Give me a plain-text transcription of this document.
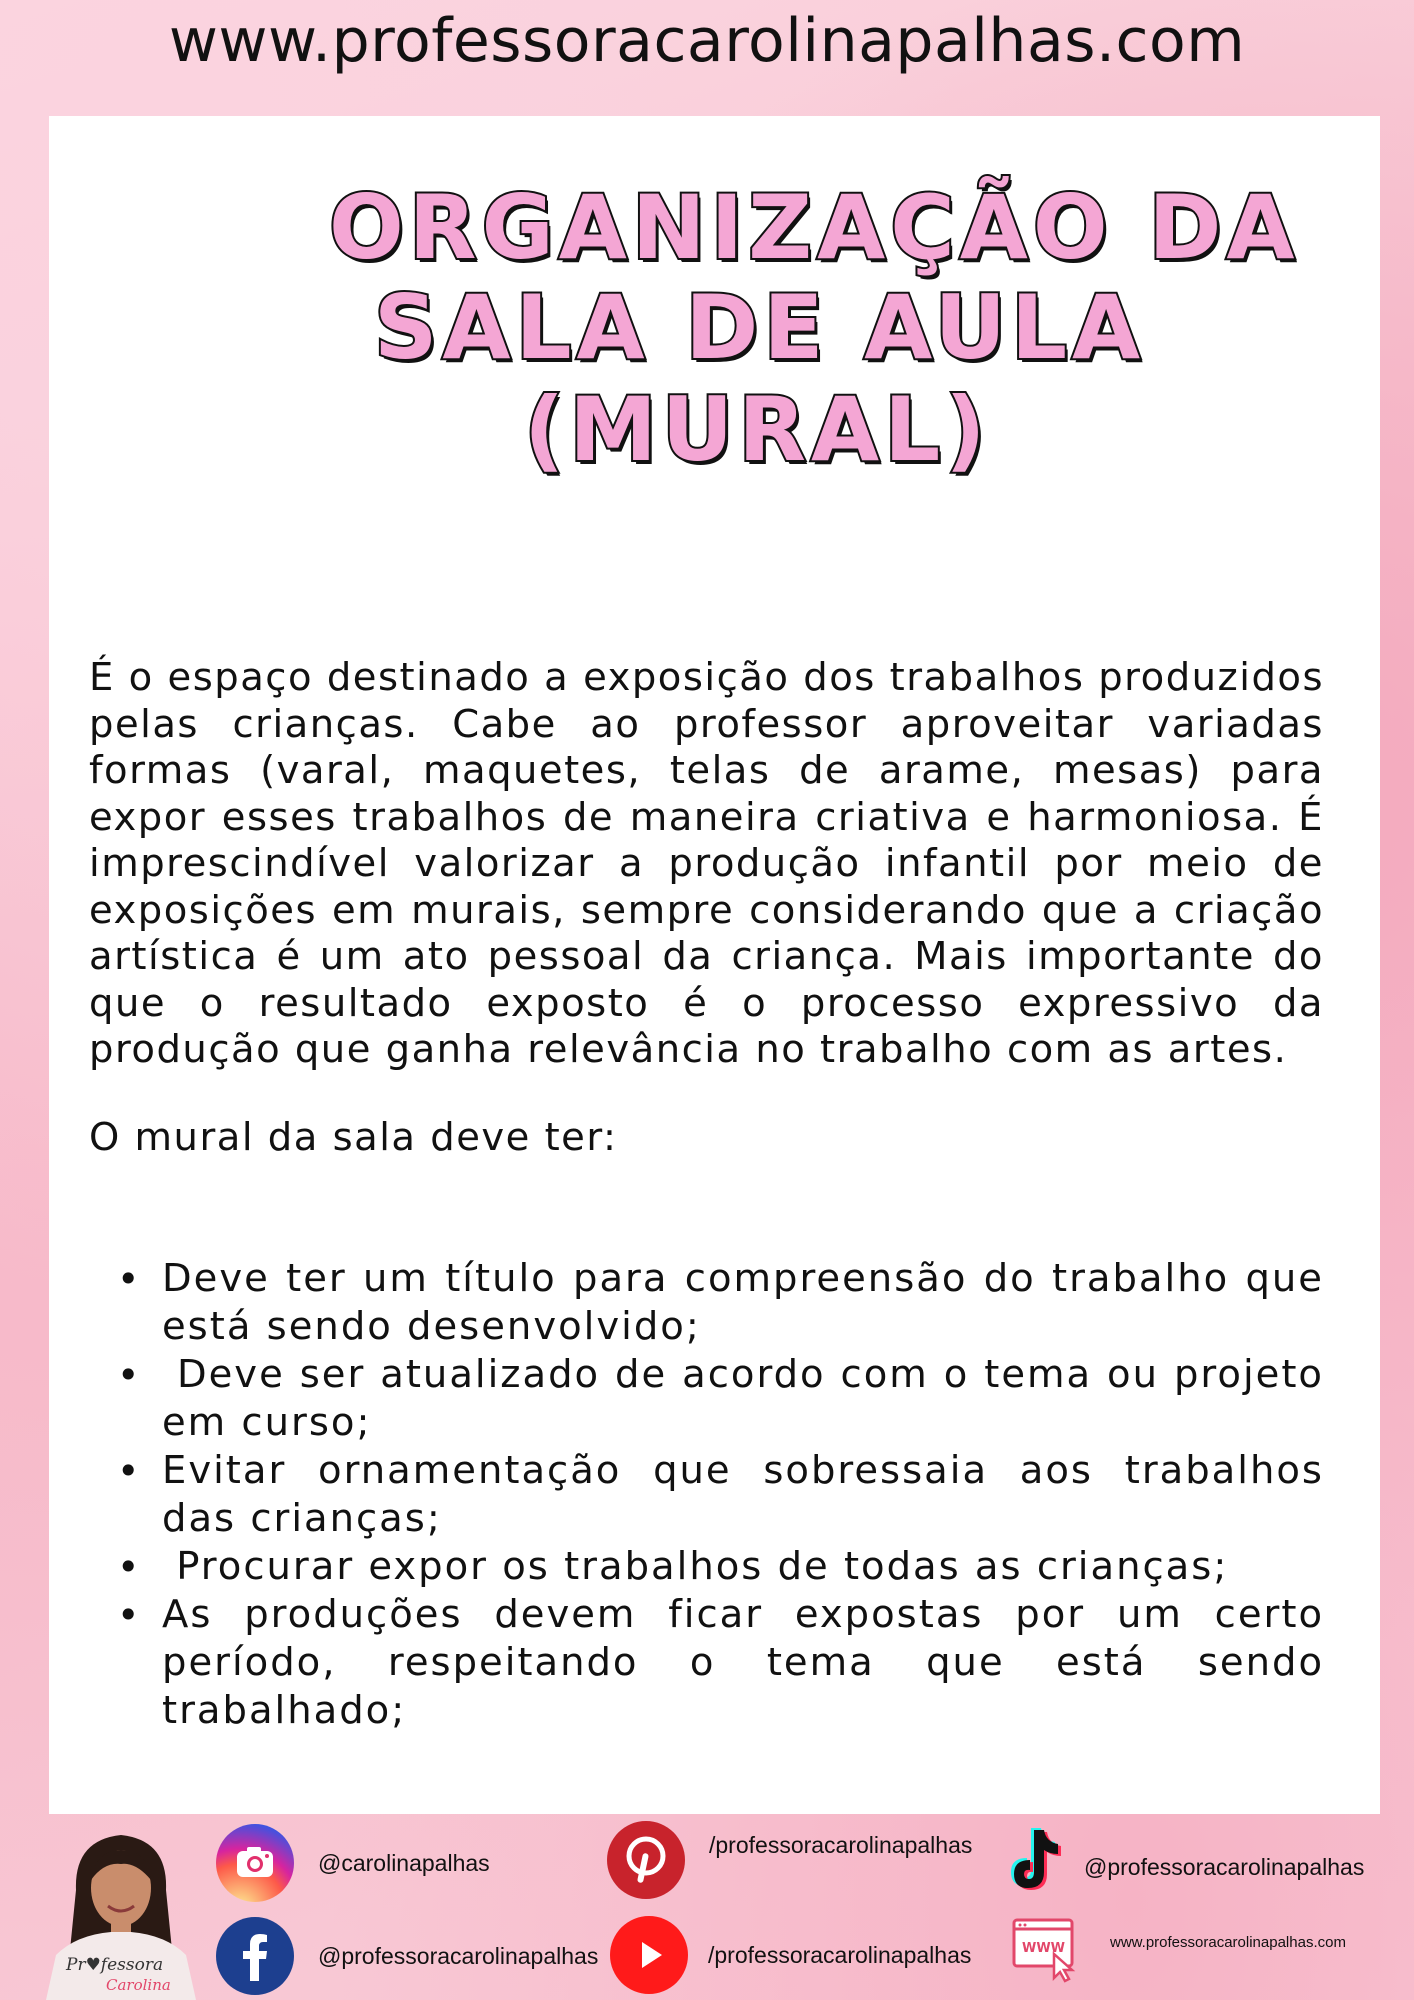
www.professoracarolinapalhas.com
ORGANIZAÇÃO DA
SALA DE AULA
(MURAL)

É o espaço destinado a exposição dos trabalhos produzidos pelas crianças. Cabe ao professor aproveitar variadas formas (varal, maquetes, telas de arame, mesas) para expor esses trabalhos de maneira criativa e harmoniosa. É imprescindível valorizar a produção infantil por meio de exposições em murais, sempre considerando que a criação artística é um ato pessoal da criança. Mais importante do que o resultado exposto é o processo expressivo da produção que ganha relevância no trabalho com as artes.

O mural da sala deve ter:

• Deve ter um título para compreensão do trabalho que está sendo desenvolvido;
•  Deve ser atualizado de acordo com o tema ou projeto em curso;
• Evitar ornamentação que sobressaia aos trabalhos das crianças;
•  Procurar expor os trabalhos de todas as crianças;
• As produções devem ficar expostas por um certo período, respeitando o tema que está sendo trabalhado;
Pr♥fessora
Carolina
@carolinapalhas
@professoracarolinapalhas
/professoracarolinapalhas
/professoracarolinapalhas
@professoracarolinapalhas
WWW	www.professoracarolinapalhas.com
